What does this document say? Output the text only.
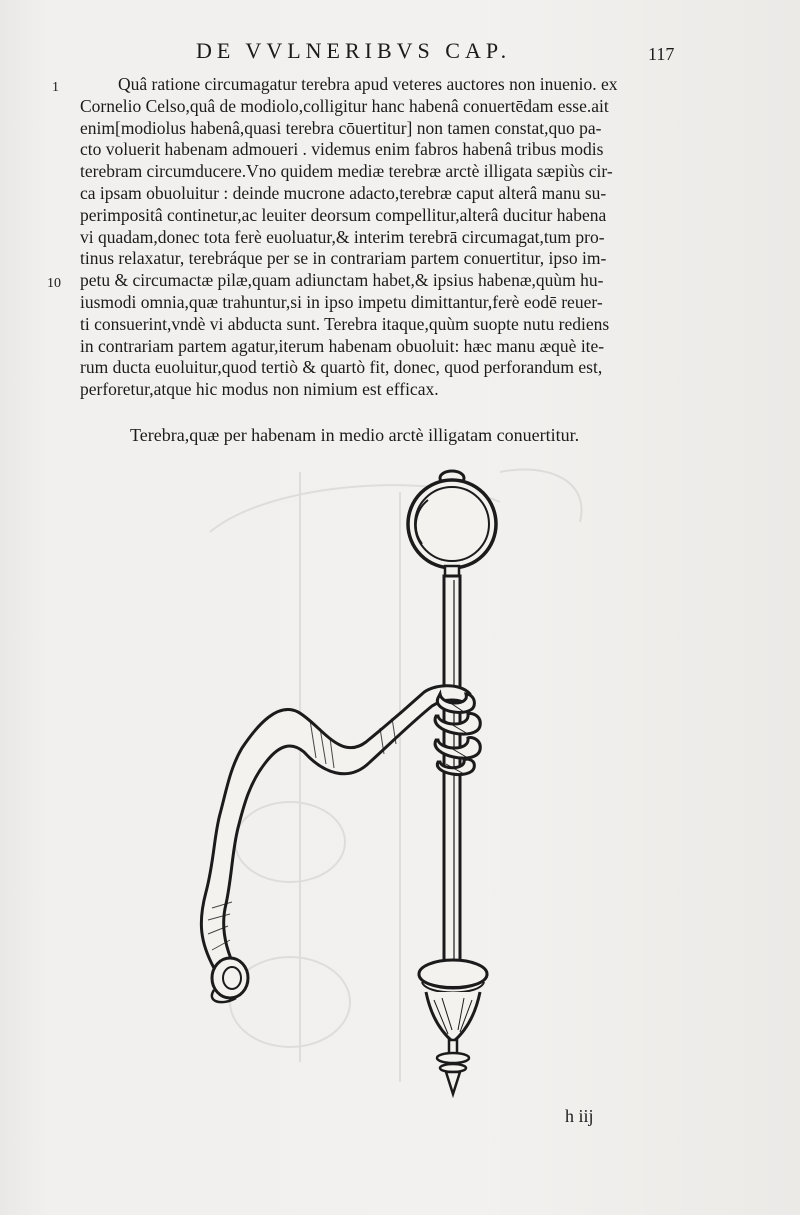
DE VVLNERIBVS CAP.	117
1
10
Quâ ratione circumagatur terebra apud veteres auctores non inuenio. ex
Cornelio Celso,quâ de modiolo,colligitur hanc habenâ conuertēdam esse.ait
enim[modiolus habenâ,quasi terebra cōuertitur] non tamen constat,quo pa-
cto voluerit habenam admoueri . videmus enim fabros habenâ tribus modis
terebram circumducere.Vno quidem mediæ terebræ arctè illigata sæpiùs cir-
ca ipsam obuoluitur : deinde mucrone adacto,terebræ caput alterâ manu su-
perimpositâ continetur,ac leuiter deorsum compellitur,alterâ ducitur habena
vi quadam,donec tota ferè euoluatur,& interim terebrā circumagat,tum pro-
tinus relaxatur, terebráque per se in contrariam partem conuertitur, ipso im-
petu & circumactæ pilæ,quam adiunctam habet,& ipsius habenæ,quùm hu-
iusmodi omnia,quæ trahuntur,si in ipso impetu dimittantur,ferè eodē reuer-
ti consuerint,vndè vi abducta sunt. Terebra itaque,quùm suopte nutu rediens
in contrariam partem agatur,iterum habenam obuoluit: hæc manu æquè ite-
rum ducta euoluitur,quod tertiò & quartò fit, donec, quod perforandum est,
perforetur,atque hic modus non nimium est efficax.
Terebra,quæ per habenam in medio arctè illigatam conuertitur.
h iij
